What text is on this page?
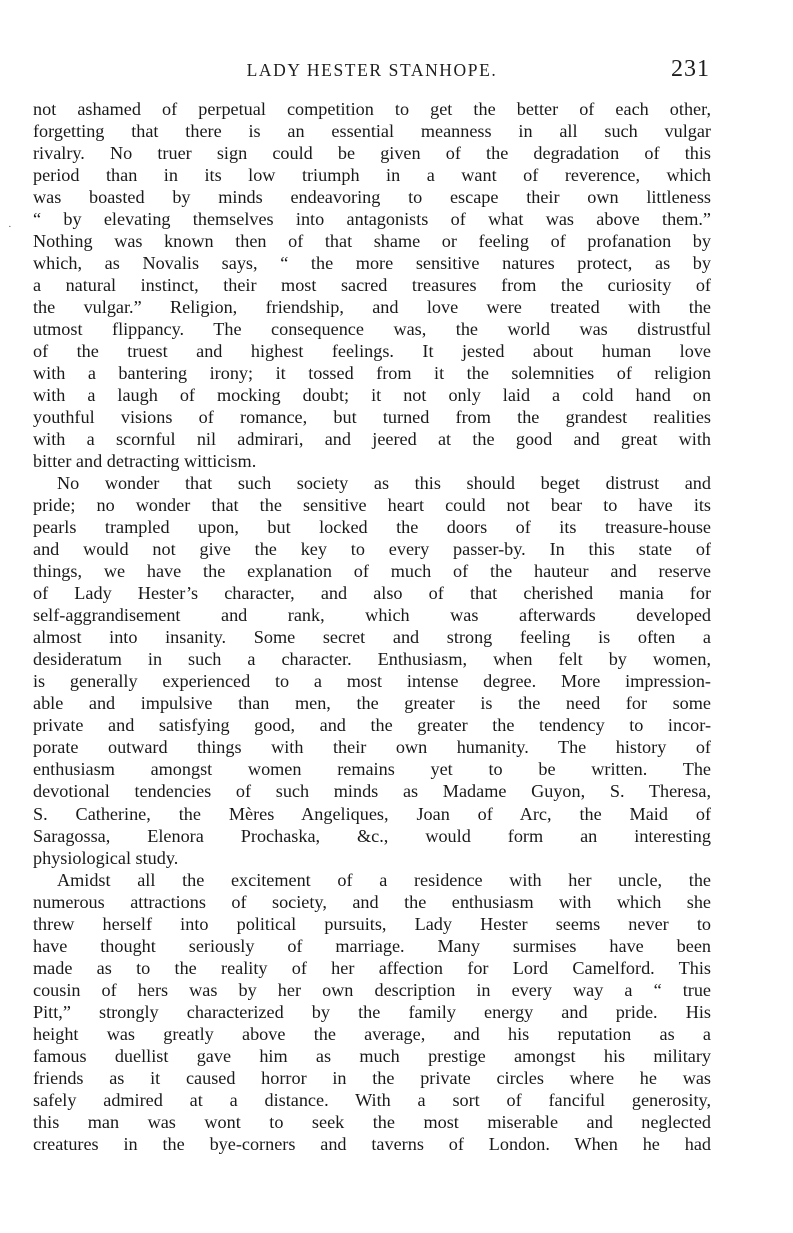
LADY HESTER STANHOPE.	231
·
not ashamed of perpetual competition to get the better of each other,
forgetting that there is an essential meanness in all such vulgar
rivalry. No truer sign could be given of the degradation of this
period than in its low triumph in a want of reverence, which
was boasted by minds endeavoring to escape their own littleness
“ by elevating themselves into antagonists of what was above them.”
Nothing was known then of that shame or feeling of profanation by
which, as Novalis says, “ the more sensitive natures protect, as by
a natural instinct, their most sacred treasures from the curiosity of
the vulgar.” Religion, friendship, and love were treated with the
utmost flippancy. The consequence was, the world was distrustful
of the truest and highest feelings. It jested about human love
with a bantering irony; it tossed from it the solemnities of religion
with a laugh of mocking doubt; it not only laid a cold hand on
youthful visions of romance, but turned from the grandest realities
with a scornful nil admirari, and jeered at the good and great with
bitter and detracting witticism.
No wonder that such society as this should beget distrust and
pride; no wonder that the sensitive heart could not bear to have its
pearls trampled upon, but locked the doors of its treasure-house
and would not give the key to every passer-by. In this state of
things, we have the explanation of much of the hauteur and reserve
of Lady Hester’s character, and also of that cherished mania for
self-aggrandisement and rank, which was afterwards developed
almost into insanity. Some secret and strong feeling is often a
desideratum in such a character. Enthusiasm, when felt by women,
is generally experienced to a most intense degree. More impression-
able and impulsive than men, the greater is the need for some
private and satisfying good, and the greater the tendency to incor-
porate outward things with their own humanity. The history of
enthusiasm amongst women remains yet to be written. The
devotional tendencies of such minds as Madame Guyon, S. Theresa,
S. Catherine, the Mères Angeliques, Joan of Arc, the Maid of
Saragossa, Elenora Prochaska, &c., would form an interesting
physiological study.
Amidst all the excitement of a residence with her uncle, the
numerous attractions of society, and the enthusiasm with which she
threw herself into political pursuits, Lady Hester seems never to
have thought seriously of marriage. Many surmises have been
made as to the reality of her affection for Lord Camelford. This
cousin of hers was by her own description in every way a “ true
Pitt,” strongly characterized by the family energy and pride. His
height was greatly above the average, and his reputation as a
famous duellist gave him as much prestige amongst his military
friends as it caused horror in the private circles where he was
safely admired at a distance. With a sort of fanciful generosity,
this man was wont to seek the most miserable and neglected
creatures in the bye-corners and taverns of London. When he had
